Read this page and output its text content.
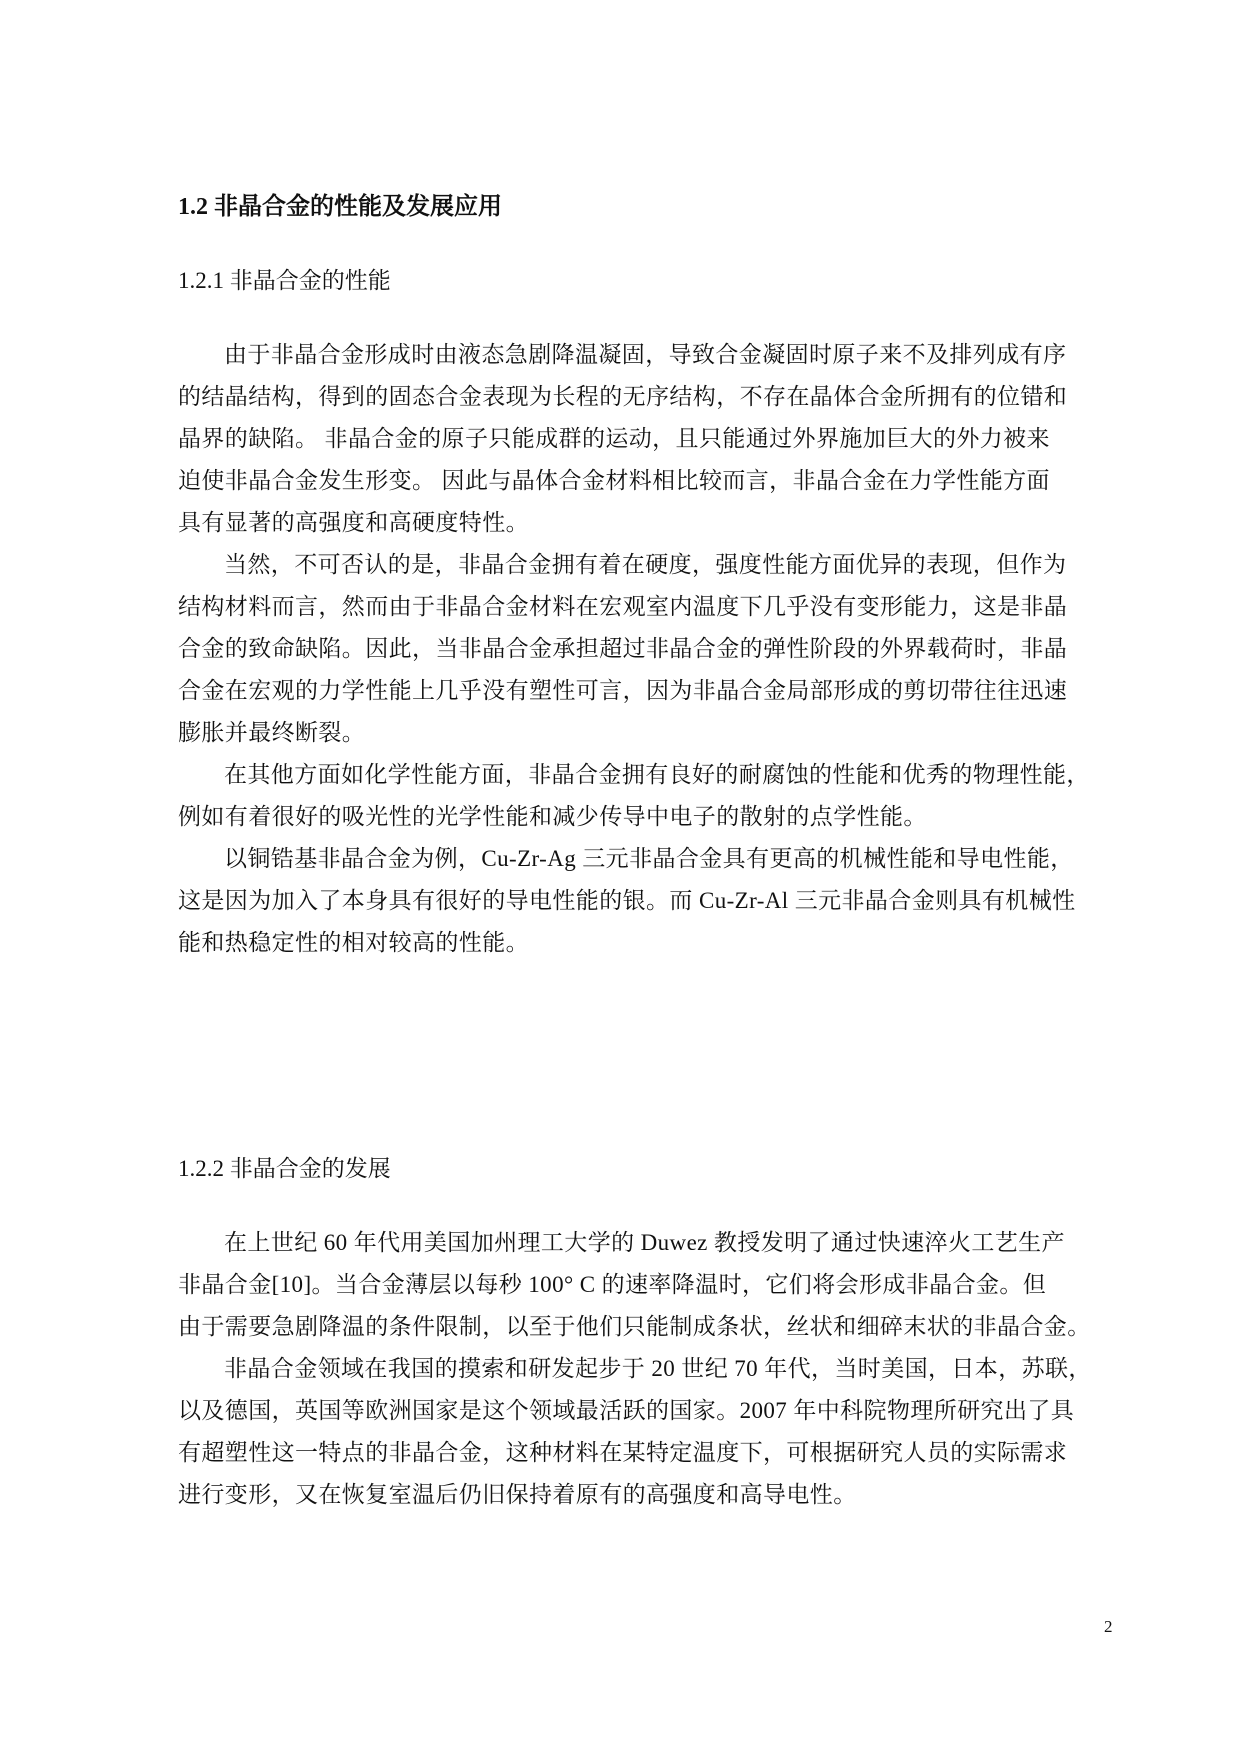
1.2 非晶合金的性能及发展应用
1.2.1 非晶合金的性能
由于非晶合金形成时由液态急剧降温凝固，导致合金凝固时原子来不及排列成有序
的结晶结构，得到的固态合金表现为长程的无序结构，不存在晶体合金所拥有的位错和
晶界的缺陷。 非晶合金的原子只能成群的运动，且只能通过外界施加巨大的外力被来
迫使非晶合金发生形变。 因此与晶体合金材料相比较而言，非晶合金在力学性能方面
具有显著的高强度和高硬度特性。
当然，不可否认的是，非晶合金拥有着在硬度，强度性能方面优异的表现，但作为
结构材料而言，然而由于非晶合金材料在宏观室内温度下几乎没有变形能力，这是非晶
合金的致命缺陷。因此，当非晶合金承担超过非晶合金的弹性阶段的外界载荷时，非晶
合金在宏观的力学性能上几乎没有塑性可言，因为非晶合金局部形成的剪切带往往迅速
膨胀并最终断裂。
在其他方面如化学性能方面，非晶合金拥有良好的耐腐蚀的性能和优秀的物理性能，
例如有着很好的吸光性的光学性能和减少传导中电子的散射的点学性能。
以铜锆基非晶合金为例，Cu-Zr-Ag 三元非晶合金具有更高的机械性能和导电性能，
这是因为加入了本身具有很好的导电性能的银。而 Cu-Zr-Al 三元非晶合金则具有机械性
能和热稳定性的相对较高的性能。
1.2.2 非晶合金的发展
在上世纪 60 年代用美国加州理工大学的 Duwez 教授发明了通过快速淬火工艺生产
非晶合金[10]。当合金薄层以每秒 100° C 的速率降温时，它们将会形成非晶合金。但
由于需要急剧降温的条件限制，以至于他们只能制成条状，丝状和细碎末状的非晶合金。
非晶合金领域在我国的摸索和研发起步于 20 世纪 70 年代，当时美国，日本，苏联，
以及德国，英国等欧洲国家是这个领域最活跃的国家。2007 年中科院物理所研究出了具
有超塑性这一特点的非晶合金，这种材料在某特定温度下，可根据研究人员的实际需求
进行变形，又在恢复室温后仍旧保持着原有的高强度和高导电性。
2
